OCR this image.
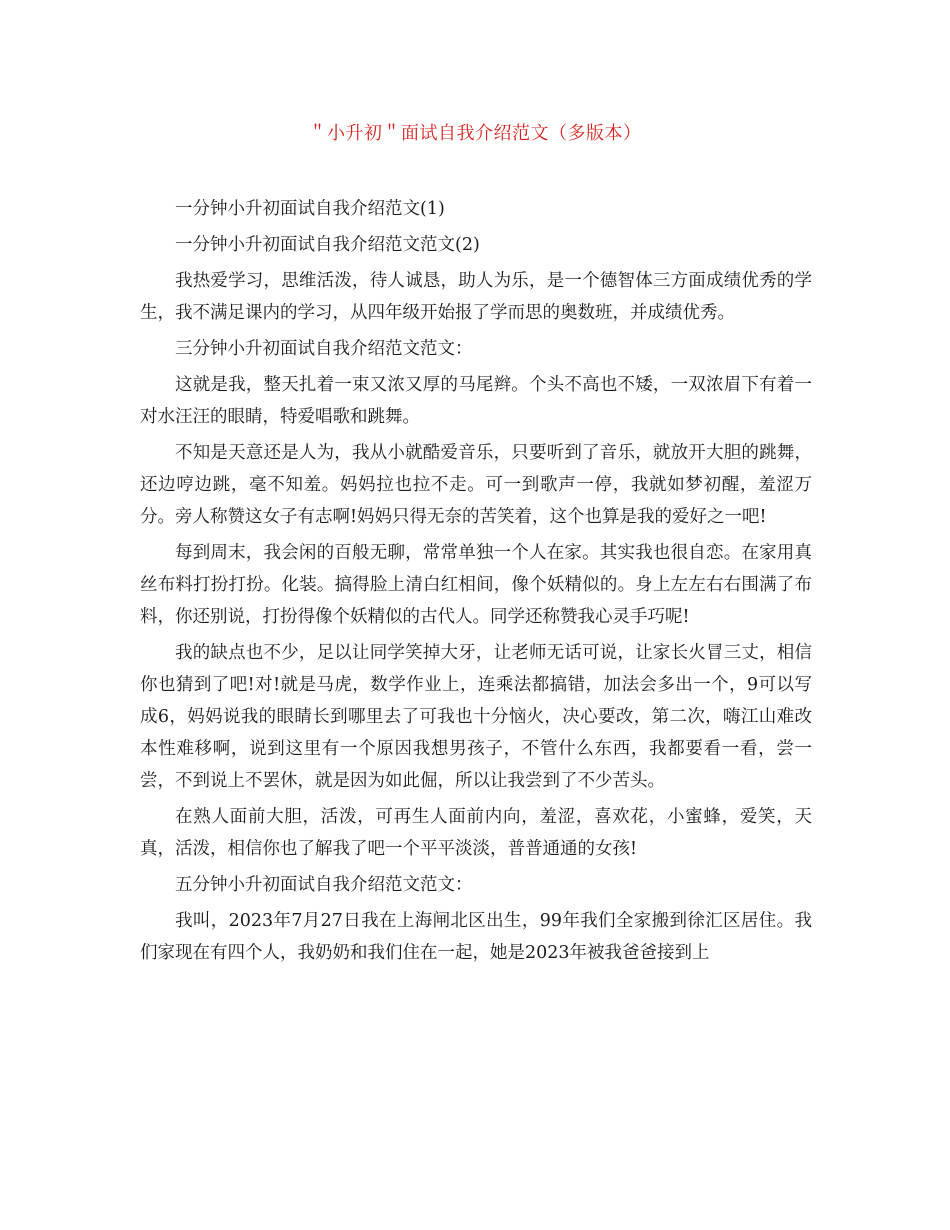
＂小升初＂面试自我介绍范文（多版本）

一分钟小升初面试自我介绍范文(1)

一分钟小升初面试自我介绍范文范文(2)

我热爱学习，思维活泼，待人诚恳，助人为乐，是一个德智体三方面成绩优秀的学生，我不满足课内的学习，从四年级开始报了学而思的奥数班，并成绩优秀。

三分钟小升初面试自我介绍范文范文：

这就是我，整天扎着一束又浓又厚的马尾辫。个头不高也不矮，一双浓眉下有着一对水汪汪的眼睛，特爱唱歌和跳舞。

不知是天意还是人为，我从小就酷爱音乐，只要听到了音乐，就放开大胆的跳舞，还边哼边跳，毫不知羞。妈妈拉也拉不走。可一到歌声一停，我就如梦初醒，羞涩万分。旁人称赞这女子有志啊!妈妈只得无奈的苦笑着，这个也算是我的爱好之一吧!

每到周末，我会闲的百般无聊，常常单独一个人在家。其实我也很自恋。在家用真丝布料打扮打扮。化装。搞得脸上清白红相间，像个妖精似的。身上左左右右围满了布料，你还别说，打扮得像个妖精似的古代人。同学还称赞我心灵手巧呢!

我的缺点也不少，足以让同学笑掉大牙，让老师无话可说，让家长火冒三丈，相信你也猜到了吧!对!就是马虎，数学作业上，连乘法都搞错，加法会多出一个，9可以写成6，妈妈说我的眼睛长到哪里去了可我也十分恼火，决心要改，第二次，嗨江山难改本性难移啊，说到这里有一个原因我想男孩子，不管什么东西，我都要看一看，尝一尝，不到说上不罢休，就是因为如此倔，所以让我尝到了不少苦头。

在熟人面前大胆，活泼，可再生人面前内向，羞涩，喜欢花，小蜜蜂，爱笑，天真，活泼，相信你也了解我了吧一个平平淡淡，普普通通的女孩!

五分钟小升初面试自我介绍范文范文：

我叫，2023年7月27日我在上海闸北区出生，99年我们全家搬到徐汇区居住。我们家现在有四个人，我奶奶和我们住在一起，她是2023年被我爸爸接到上
